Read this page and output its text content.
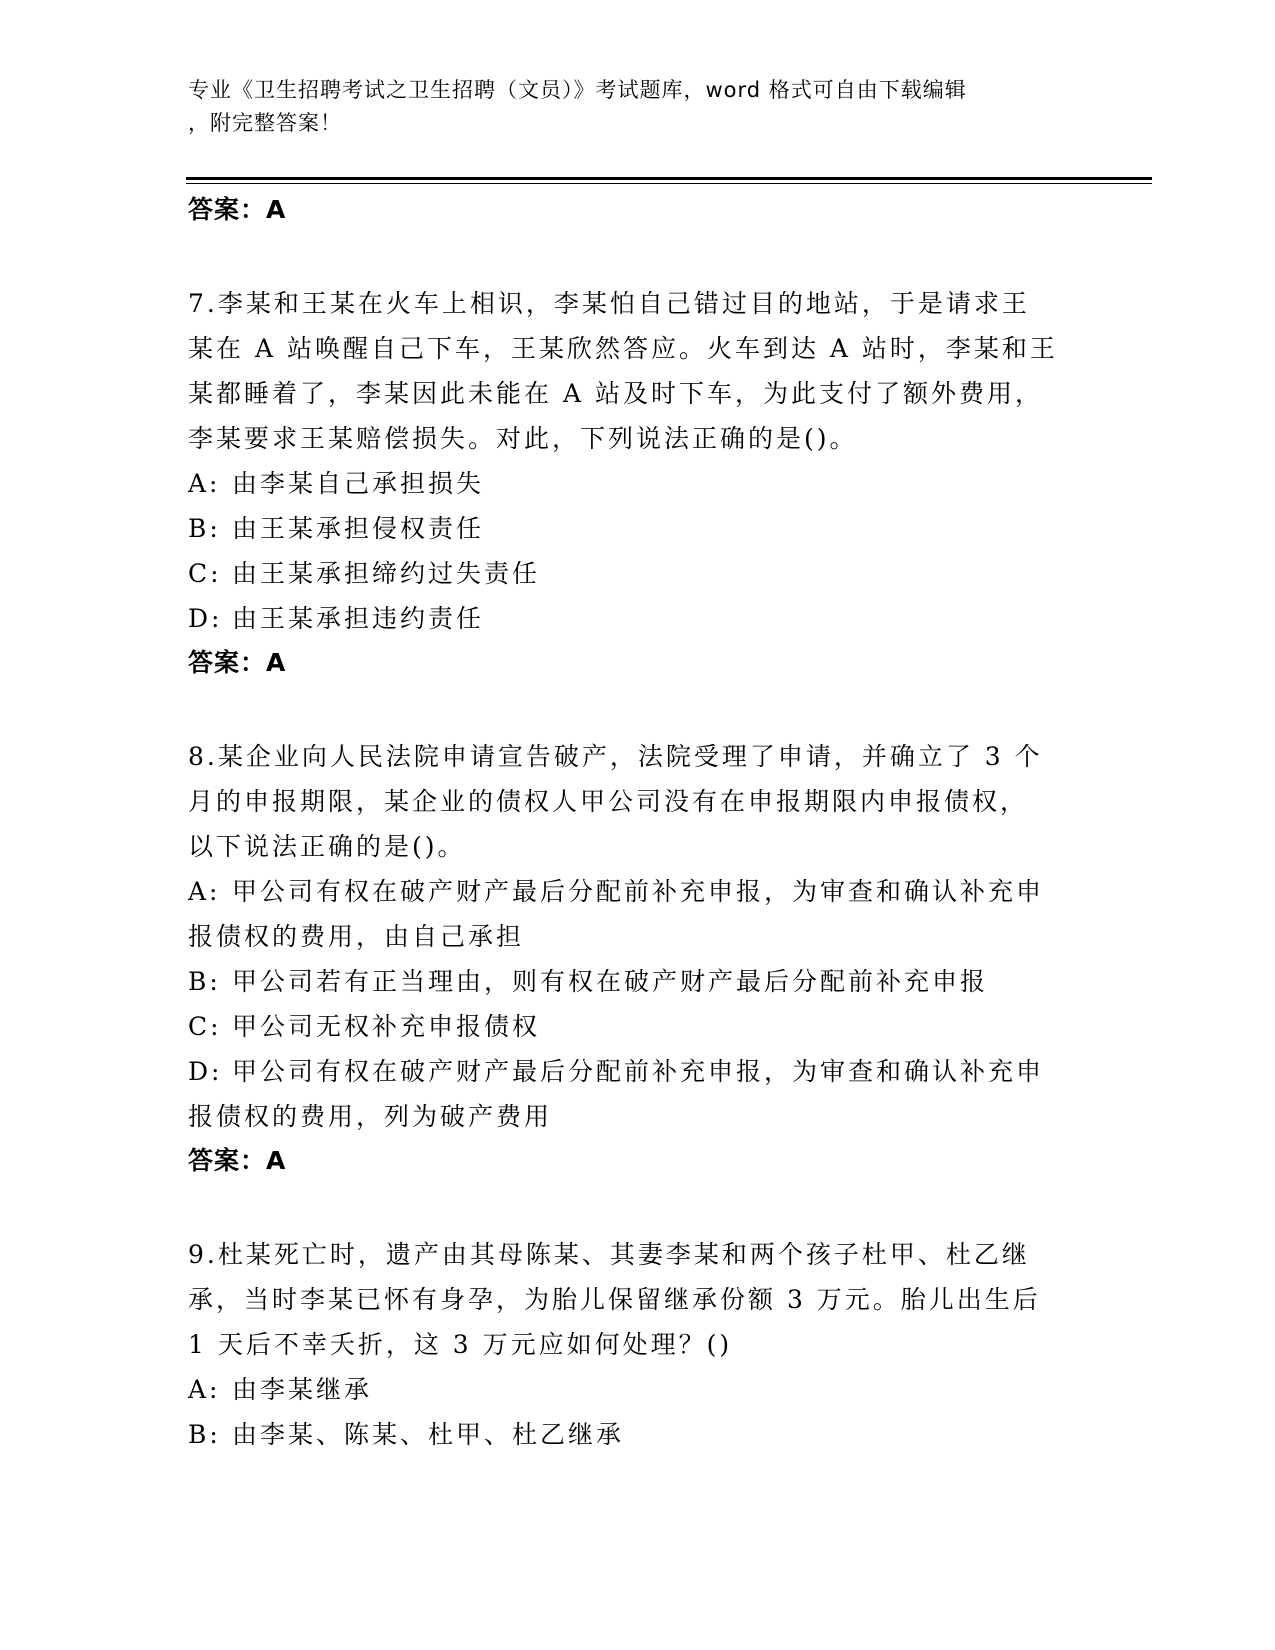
专业《卫生招聘考试之卫生招聘（文员）》考试题库，word 格式可自由下载编辑
，附完整答案！
答案：A
7.李某和王某在火车上相识，李某怕自己错过目的地站，于是请求王
某在 A 站唤醒自己下车，王某欣然答应。火车到达 A 站时，李某和王
某都睡着了，李某因此未能在 A 站及时下车，为此支付了额外费用，
李某要求王某赔偿损失。对此，下列说法正确的是()。
A: 由李某自己承担损失
B: 由王某承担侵权责任
C: 由王某承担缔约过失责任
D: 由王某承担违约责任
答案：A
8.某企业向人民法院申请宣告破产，法院受理了申请，并确立了 3 个
月的申报期限，某企业的债权人甲公司没有在申报期限内申报债权，
以下说法正确的是()。
A: 甲公司有权在破产财产最后分配前补充申报，为审查和确认补充申
报债权的费用，由自己承担
B: 甲公司若有正当理由，则有权在破产财产最后分配前补充申报
C: 甲公司无权补充申报债权
D: 甲公司有权在破产财产最后分配前补充申报，为审查和确认补充申
报债权的费用，列为破产费用
答案：A
9.杜某死亡时，遗产由其母陈某、其妻李某和两个孩子杜甲、杜乙继
承，当时李某已怀有身孕，为胎儿保留继承份额 3 万元。胎儿出生后
1 天后不幸夭折，这 3 万元应如何处理？()
A: 由李某继承
B: 由李某、陈某、杜甲、杜乙继承
